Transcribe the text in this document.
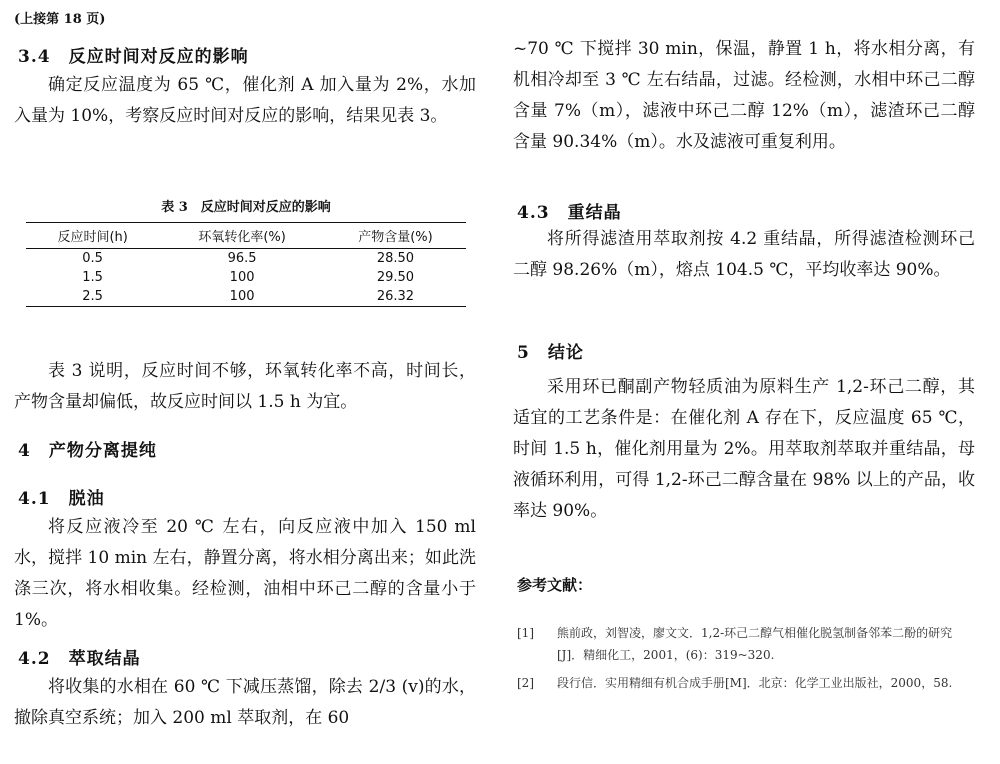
(上接第 18 页)
3.4　反应时间对反应的影响
确定反应温度为 65 ℃，催化剂 A 加入量为 2%，水加入量为 10%，考察反应时间对反应的影响，结果见表 3。
表 3　反应时间对反应的影响
反应时间(h)	环氧转化率(%)	产物含量(%)
0.5	96.5	28.50
1.5	100	29.50
2.5	100	26.32
表 3 说明，反应时间不够，环氧转化率不高，时间长，产物含量却偏低，故反应时间以 1.5 h 为宜。
4　产物分离提纯
4.1　脱油
将反应液冷至 20 ℃ 左右，向反应液中加入 150 ml 水，搅拌 10 min 左右，静置分离，将水相分离出来；如此洗涤三次，将水相收集。经检测，油相中环己二醇的含量小于 1%。
4.2　萃取结晶
将收集的水相在 60 ℃ 下减压蒸馏，除去 2/3 (v)的水，撤除真空系统；加入 200 ml 萃取剂，在 60
~70 ℃ 下搅拌 30 min，保温，静置 1 h，将水相分离，有机相冷却至 3 ℃ 左右结晶，过滤。经检测，水相中环己二醇含量 7%（m），滤液中环己二醇 12%（m），滤渣环己二醇含量 90.34%（m）。水及滤液可重复利用。
4.3　重结晶
将所得滤渣用萃取剂按 4.2 重结晶，所得滤渣检测环己二醇 98.26%（m），熔点 104.5 ℃，平均收率达 90%。
5　结论
采用环已酮副产物轻质油为原料生产 1,2-环己二醇，其适宜的工艺条件是：在催化剂 A 存在下，反应温度 65 ℃，时间 1.5 h，催化剂用量为 2%。用萃取剂萃取并重结晶，母液循环利用，可得 1,2-环己二醇含量在 98% 以上的产品，收率达 90%。
参考文献：
[1]	熊前政，刘智凌，廖文文．1,2-环己二醇气相催化脱氢制备邻苯二酚的研究[J]．精细化工，2001，(6)：319~320.
[2]	段行信．实用精细有机合成手册[M]．北京：化学工业出版社，2000，58.
